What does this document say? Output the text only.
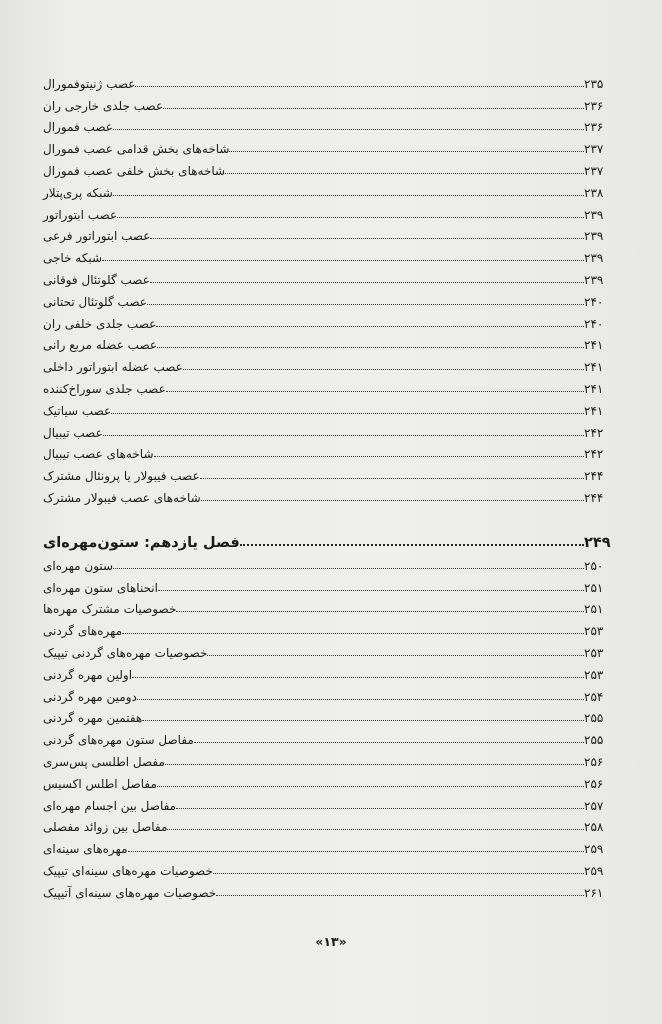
عصب ژنیتوفمورال	۲۳۵
عصب جلدی خارجی ران	۲۳۶
عصب فمورال	۲۳۶
شاخه‌های بخش قدامی عصب فمورال	۲۳۷
شاخه‌های بخش خلفی عصب فمورال	۲۳۷
شبکه پری‌پتلار	۲۳۸
عصب ابتوراتور	۲۳۹
عصب ابتوراتور فرعی	۲۳۹
شبکه خاجی	۲۳۹
عصب گلوتئال فوقانی	۲۳۹
عصب گلوتئال تحتانی	۲۴۰
عصب جلدی خلفی ران	۲۴۰
عصب عضله مربع رانی	۲۴۱
عصب عضله ابتوراتور داخلی	۲۴۱
عصب جلدی سوراخ‌کننده	۲۴۱
عصب سیاتیک	۲۴۱
عصب تیبیال	۲۴۲
شاخه‌های عصب تیبیال	۲۴۲
عصب فیبولار یا پرونئال مشترک	۲۴۴
شاخه‌های عصب فیبولار مشترک	۲۴۴
فصل یازدهم: ستون‌مهره‌ای	۲۴۹
ستون مهره‌ای	۲۵۰
انحناهای ستون مهره‌ای	۲۵۱
خصوصیات مشترک مهره‌ها	۲۵۱
مهره‌های گردنی	۲۵۳
خصوصیات مهره‌های گردنی تیپیک	۲۵۳
اولین مهره گردنی	۲۵۳
دومین مهره گردنی	۲۵۴
هفتمین مهره گردنی	۲۵۵
مفاصل ستون مهره‌های گردنی	۲۵۵
مفصل اطلسی پس‌سری	۲۵۶
مفاصل اطلس اکسیس	۲۵۶
مفاصل بین اجسام مهره‌ای	۲۵۷
مفاصل بین زوائد مفصلی	۲۵۸
مهره‌های سینه‌ای	۲۵۹
خصوصیات مهره‌های سینه‌ای تیپیک	۲۵۹
خصوصیات مهره‌های سینه‌ای آتیپیک	۲۶۱
«۱۳»
